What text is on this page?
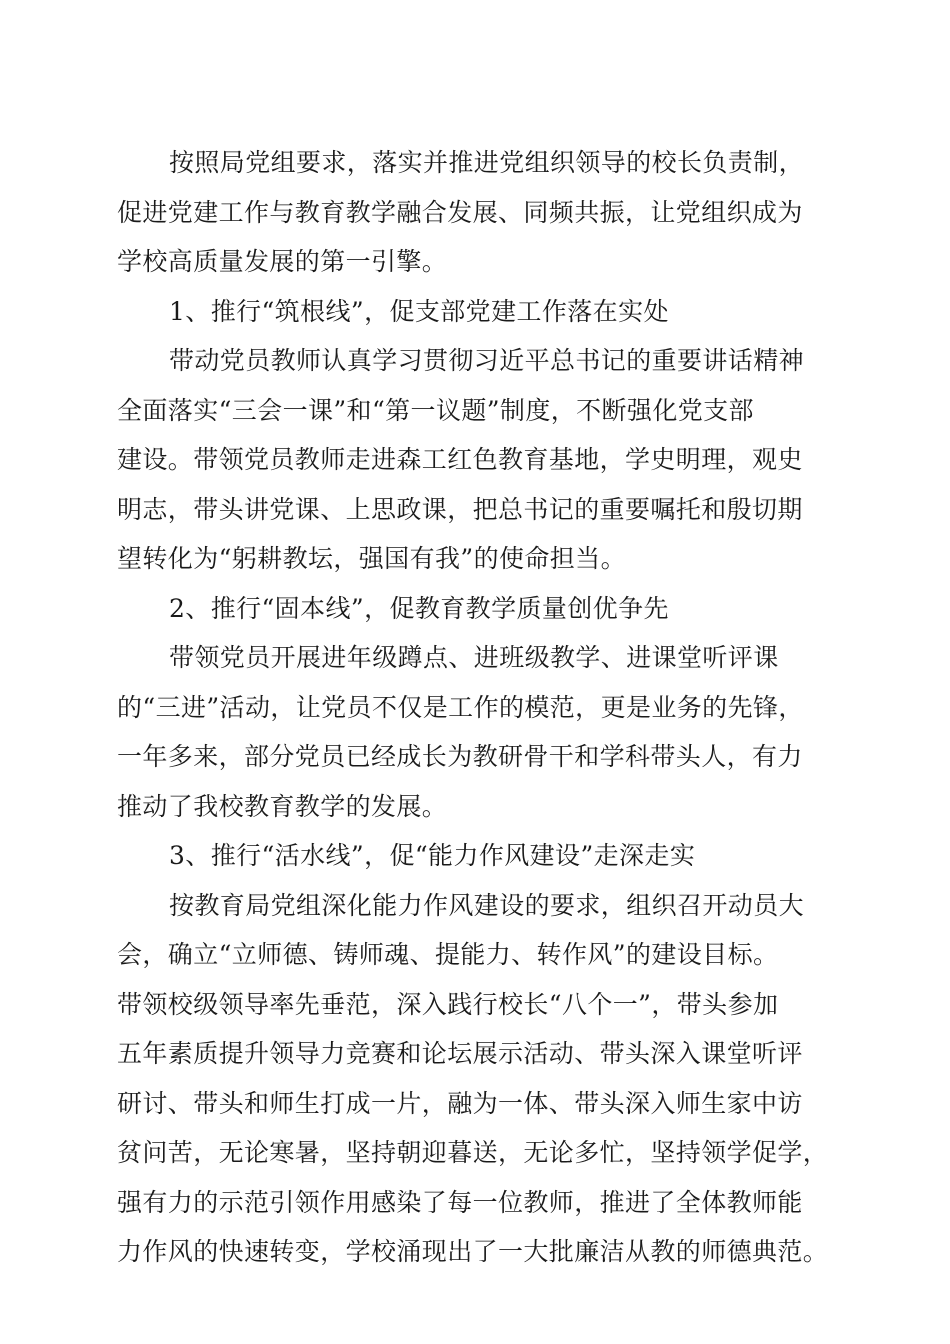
按照局党组要求，落实并推进党组织领导的校长负责制，
促进党建工作与教育教学融合发展、同频共振，让党组织成为
学校高质量发展的第一引擎。
1、推行“筑根线”，促支部党建工作落在实处
带动党员教师认真学习贯彻习近平总书记的重要讲话精神
全面落实“三会一课”和“第一议题”制度，不断强化党支部
建设。带领党员教师走进森工红色教育基地，学史明理，观史
明志，带头讲党课、上思政课，把总书记的重要嘱托和殷切期
望转化为“躬耕教坛，强国有我”的使命担当。
2、推行“固本线”，促教育教学质量创优争先
带领党员开展进年级蹲点、进班级教学、进课堂听评课
的“三进”活动，让党员不仅是工作的模范，更是业务的先锋，
一年多来，部分党员已经成长为教研骨干和学科带头人，有力
推动了我校教育教学的发展。
3、推行“活水线”，促“能力作风建设”走深走实
按教育局党组深化能力作风建设的要求，组织召开动员大
会，确立“立师德、铸师魂、提能力、转作风”的建设目标。
带领校级领导率先垂范，深入践行校长“八个一”，带头参加
五年素质提升领导力竞赛和论坛展示活动、带头深入课堂听评
研讨、带头和师生打成一片，融为一体、带头深入师生家中访
贫问苦，无论寒暑，坚持朝迎暮送，无论多忙，坚持领学促学，
强有力的示范引领作用感染了每一位教师，推进了全体教师能
力作风的快速转变，学校涌现出了一大批廉洁从教的师德典范。
